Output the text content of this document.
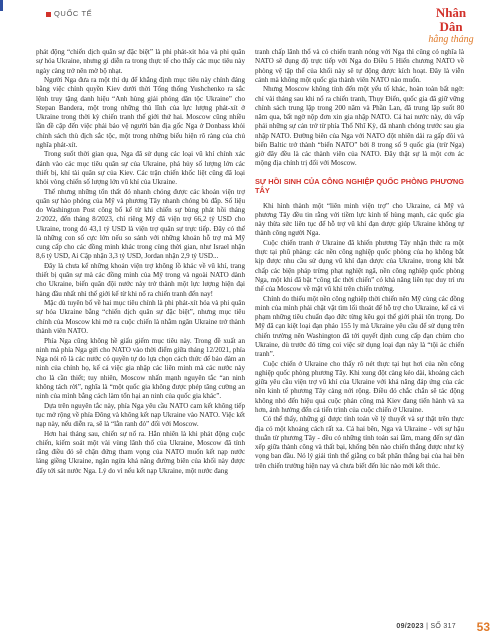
QUỐC TẾ	Nhân Dân
hằng tháng

phát động “chiến dịch quân sự đặc biệt” là phi phát-xít hóa và phi quân sự hóa Ukraine, nhưng gì diễn ra trong thực tế cho thấy các mục tiêu này ngày càng trở nên mờ bộ nhạt.

Người Nga đưa ra một thí dụ để khẳng định mục tiêu này chính đáng bằng việc chính quyền Kiev dưới thời Tổng thống Yushchenko ra sắc lệnh truy tặng danh hiệu “Anh hùng giải phóng dân tộc Ukraine” cho Stepan Bandera, một trong những thủ lĩnh của lực lượng phát-xít ở Ukraine trong thời kỳ chiến tranh thế giới thứ hai. Moscow cũng nhiều lần đề cập đến việc phải bảo vệ người bản địa gốc Nga ở Donbass khỏi chính sách thù địch sắc tộc, một trong những biểu hiện rõ ràng của chủ nghĩa phát-xít.

Trong suốt thời gian qua, Nga đã sử dụng các loại vũ khí chính xác đánh vào các mục tiêu quân sự của Ukraine, phá hủy số lượng lớn các thiết bị, khí tài quân sự của Kiev. Các trận chiến khốc liệt cũng đã loại khỏi vòng chiến số lượng lớn vũ khí của Ukraine.

Thế nhưng những tổn thất đó nhanh chóng được các khoản viện trợ quân sự hào phóng của Mỹ và phương Tây nhanh chóng bù đắp. Số liệu do Washington Post công bố kể từ khi chiến sự bùng phát hồi tháng 2/2022, đến tháng 8/2023, chỉ riêng Mỹ đã viện trợ 66,2 tỷ USD cho Ukraine, trong đó 43,1 tỷ USD là viện trợ quân sự trực tiếp. Đây có thể là những con số cực lớn nếu so sánh với những khoản hỗ trợ mà Mỹ cung cấp cho các đồng minh khác trong cùng thời gian, như Israel nhận 8,6 tỷ USD, Ai Cập nhận 3,3 tỷ USD, Jordan nhận 2,9 tỷ USD...

Đây là chưa kể những khoản viện trợ không lồ khác về vũ khí, trang thiết bị quân sự mà các đồng minh của Mỹ trong và ngoài NATO dành cho Ukraine, biến quân đội nước này trở thành một lực lượng hiện đại hàng đầu nhất nhì thế giới kể từ khi nổ ra chiến tranh đến nay!

Mặc dù tuyên bố về hai mục tiêu chính là phi phát-xít hóa và phi quân sự hóa Ukraine bằng “chiến dịch quân sự đặc biệt”, nhưng mục tiêu chính của Moscow khi mở ra cuộc chiến là nhằm ngăn Ukraine trở thành thành viên NATO.

Phía Nga cũng không hề giấu giếm mục tiêu này. Trong đề xuất an ninh mà phía Nga gửi cho NATO vào thời điểm giữa tháng 12/2021, phía Nga nói rõ là các nước có quyền tự do lựa chọn cách thức để bảo đảm an ninh của chính họ, kể cả việc gia nhập các liên minh mà các nước này cho là cần thiết; tuy nhiên, Moscow nhấn mạnh nguyên tắc “an ninh không tách rời”, nghĩa là “một quốc gia không được phép tăng cường an ninh của mình bằng cách làm tổn hại an ninh của quốc gia khác”.

Dựa trên nguyên tắc này, phía Nga yêu cầu NATO cam kết không tiếp tục mở rộng về phía Đông và không kết nạp Ukraine vào NATO. Việc kết nạp này, nếu diễn ra, sẽ là “lằn ranh đỏ” đối với Moscow.

Hơn hai tháng sau, chiến sự nổ ra. Hẳn nhiên là khi phát động cuộc chiến, kiếm soát một vài vùng lãnh thổ của Ukraine, Moscow đã tính rằng điều đó sẽ chặn đứng tham vọng của NATO muốn kết nạp nước láng giềng Ukraine, ngăn ngừa khả năng đường biên của khối này được đẩy tới sát nước Nga. Lý do vì nếu kết nạp Ukraine, một nước đang

tranh chấp lãnh thổ và có chiến tranh nóng với Nga thì cũng có nghĩa là NATO sẽ đụng độ trực tiếp với Nga do Điều 5 Hiến chương NATO về phòng vệ tập thể của khối này sẽ tự động được kích hoạt. Đây là viễn cảnh mà không một quốc gia thành viên NATO nào muốn.

Nhưng Moscow không tính đến một yếu tố khác, hoàn toàn bất ngờ: chỉ vài tháng sau khi nổ ra chiến tranh, Thụy Điển, quốc gia đã giữ vững chính sách trung lập trong 200 năm và Phần Lan, đã trung lập suốt 80 năm qua, bất ngờ nộp đơn xin gia nhập NATO. Cả hai nước này, dù vấp phải những sự cản trở từ phía Thổ Nhĩ Kỳ, đã nhanh chóng trước sau gia nhập NATO. Đường biên của Nga với NATO đột nhiên dài ra gấp đôi và biển Baltic trở thành “biển NATO” bởi 8 trong số 9 quốc gia (trừ Nga) giờ đây đều là các thành viên của NATO. Đây thật sự là một cơn ác mộng địa chính trị đối với Moscow.

SỰ HỒI SINH CỦA CÔNG NGHIỆP QUỐC PHÒNG PHƯƠNG TÂY

Khi hình thành một “liên minh viện trợ” cho Ukraine, cả Mỹ và phương Tây đều tin rằng với tiềm lực kinh tế hùng mạnh, các quốc gia này thừa sức liên tục để hỗ trợ vũ khí đạn dược giúp Ukraine không tự thành công người Nga.

Cuộc chiến tranh ở Ukraine đã khiến phương Tây nhận thức ra một thực tại phũ phàng: các nền công nghiệp quốc phòng của họ không bắt kịp được nhu cầu sử dụng vũ khí đạn dược của Ukraine, trong khi bắt chấp các biện pháp trừng phạt nghiệt ngã, nền công nghiệp quốc phòng Nga, một khi đã bật “công tắc thời chiến” có khả năng liên tục duy trì ưu thế của Moscow về mặt vũ khí trên chiến trường.

Chính do thiếu một nền công nghiệp thời chiến nên Mỹ cùng các đồng minh của mình phải chật vật tìm lối thoát để hỗ trợ cho Ukraine, kể cả vi phạm những tiêu chuẩn đạo đức từng kêu gọi thế giới phải tôn trọng. Do Mỹ đã cạn kiệt loại đạn pháo 155 ly mà Ukraine yêu cầu để sử dụng trên chiến trường nên Washington đã tới quyết định cung cấp đạn chùm cho Ukraine, dù trước đó từng coi việc sử dụng loại đạn này là “tội ác chiến tranh”.

Cuộc chiến ở Ukraine cho thấy rõ nét thực tại hụt hơi của nền công nghiệp quốc phòng phương Tây. Khi xung đột càng kéo dài, khoảng cách giữa yêu cầu viện trợ vũ khí của Ukraine với khả năng đáp ứng của các nền kinh tế phương Tây càng nới rộng. Điều đó chắc chắn sẽ tác động không nhỏ đến hiệu quả cuộc phản công mà Kiev đang tiến hành và xa hơn, ảnh hưởng đến cả tiến trình của cuộc chiến ở Ukraine.

Có thể thấy, những gì được tính toán về lý thuyết và sự thật trên thực địa có một khoảng cách rất xa. Cả hai bên, Nga và Ukraine - với sự hậu thuẫn từ phương Tây - đều có những tính toán sai lầm, mang đến sự dàn xếp giữa thành công và thất bại, khống bên nào chiến thắng được như kỳ vọng ban đầu. Nó lý giải tình thế giằng co bất phân thắng bại của hai bên trên chiến trường hiện nay và chưa biết đến lúc nào mới kết thúc.

09/2023 | SỐ 317 53
